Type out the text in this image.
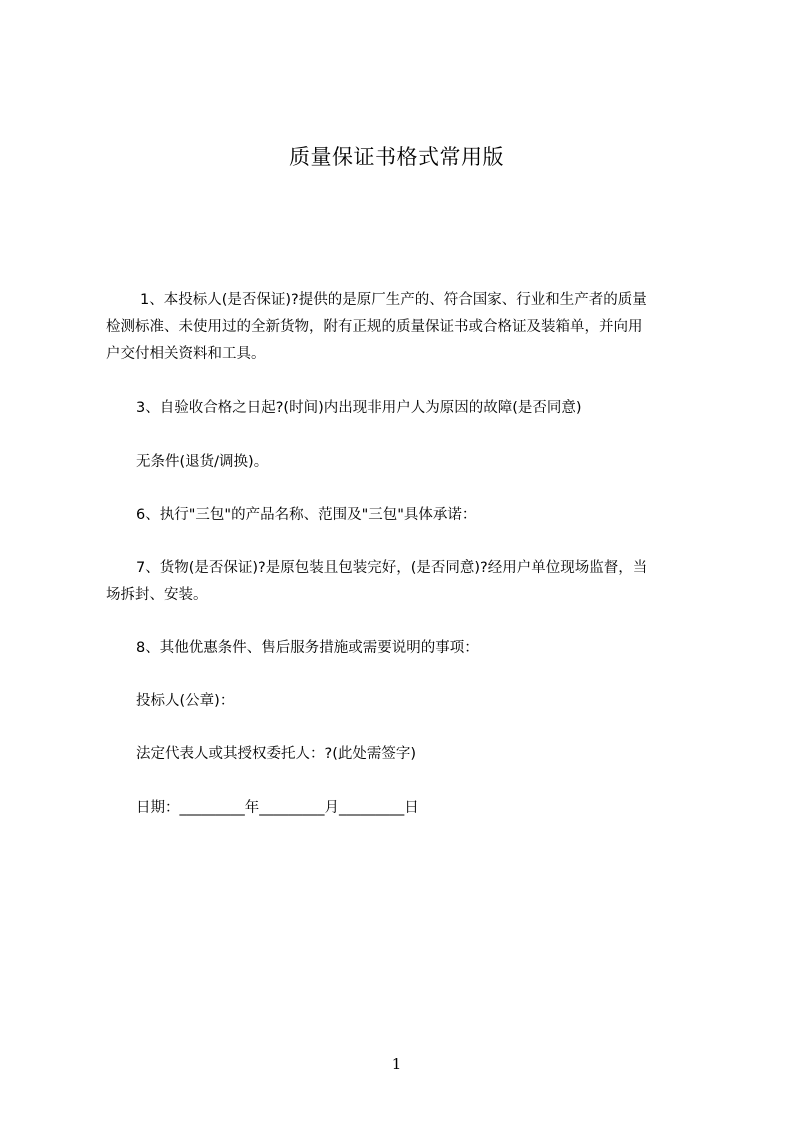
质量保证书格式常用版
1、本投标人(是否保证)?提供的是原厂生产的、符合国家、行业和生产者的质量
检测标准、未使用过的全新货物，附有正规的质量保证书或合格证及装箱单，并向用
户交付相关资料和工具。
3、自验收合格之日起?(时间)内出现非用户人为原因的故障(是否同意)
无条件(退货/调换)。
6、执行"三包"的产品名称、范围及"三包"具体承诺：
7、货物(是否保证)?是原包装且包装完好，(是否同意)?经用户单位现场监督，当
场拆封、安装。
8、其他优惠条件、售后服务措施或需要说明的事项：
投标人(公章)：
法定代表人或其授权委托人：?(此处需签字)
日期：_________年_________月_________日
1
